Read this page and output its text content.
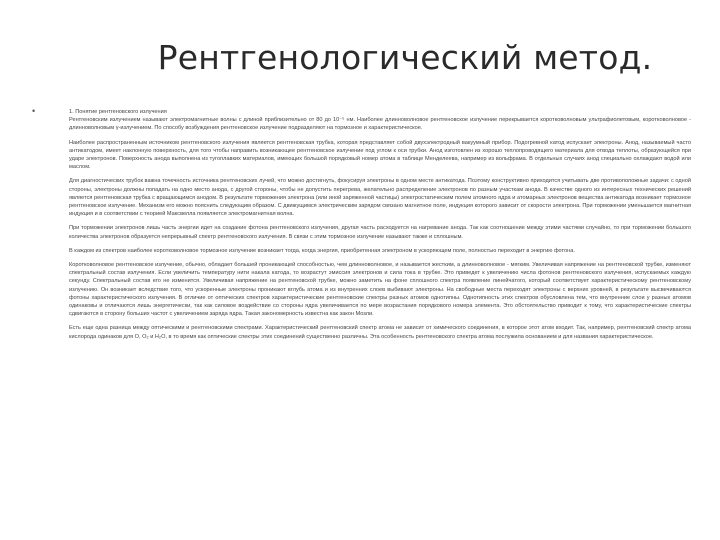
Рентгенологический метод.
•	1. Понятие рентгеновского излучения

Рентгеновским излучением называют электромагнитные волны с длиной приблизительно от 80 до 10⁻⁵ нм. Наиболее длинноволновое рентгеновское излучение перекрывается коротковолновым ультрафиолетовым, коротковолновое - длинноволновым γ-излучением. По способу возбуждения рентгеновское излучение подразделяют на тормозное и характеристическое.

Наиболее распространенным источником рентгеновского излучения является рентгеновская трубка, которая представляет собой двухэлектродный вакуумный прибор. Подогревной катод испускает электроны. Анод, называемый часто антикатодом, имеет наклонную поверхность, для того чтобы направить возникающее рентгеновское излучение под углом к оси трубки. Анод изготовлен из хорошо теплопроводящего материала для отвода теплоты, образующейся при ударе электронов. Поверхность анода выполнена из тугоплавких материалов, имеющих большой порядковый номер атома в таблице Менделеева, например из вольфрама. В отдельных случаях анод специально охлаждают водой или маслом.

Для диагностических трубок важна точечность источника рентгеновских лучей, что можно достигнуть, фокусируя электроны в одном месте антикатода. Поэтому конструктивно приходится учитывать две противоположные задачи: с одной стороны, электроны должны попадать на одно место анода, с другой стороны, чтобы не допустить перегрева, желательно распределение электронов по разным участкам анода. В качестве одного из интересных технических решений является рентгеновская трубка с вращающимся анодом. В результате торможения электрона (или иной заряженной частицы) электростатическим полем атомного ядра и атомарных электронов вещества антикатода возникает тормозное рентгеновское излучение. Механизм его можно пояснить следующим образом. С движущимся электрическим зарядом связано магнитное поле, индукция которого зависит от скорости электрона. При торможении уменьшается магнитная индукция и в соответствии с теорией Максвелла появляется электромагнитная волна.

При торможении электронов лишь часть энергии идет на создание фотона рентгеновского излучения, другая часть расходуется на нагревание анода. Так как соотношение между этими частями случайно, то при торможении большого количества электронов образуется непрерывный спектр рентгеновского излучения. В связи с этим тормозное излучение называют также и сплошным.

В каждом из спектров наиболее коротковолновое тормозное излучение возникает тогда, когда энергия, приобретенная электроном в ускоряющем поле, полностью переходит в энергию фотона.

Коротковолновое рентгеновское излучение, обычно, обладает большей проникающей способностью, чем длинноволновое, и называется жестким, а длинноволновое - мягким. Увеличивая напряжение на рентгеновской трубке, изменяют спектральный состав излучения. Если увеличить температуру нити накала катода, то возрастут эмиссия электронов и сила тока в трубке. Это приведет к увеличению числа фотонов рентгеновского излучения, испускаемых каждую секунду. Спектральный состав его не изменится. Увеличивая напряжение на рентгеновской трубке, можно заметить на фоне сплошного спектра появление линейчатого, который соответствует характеристическому рентгеновскому излучению. Он возникает вследствие того, что ускоренные электроны проникают вглубь атома и из внутренних слоев выбивают электроны. На свободные места переходят электроны с верхних уровней, в результате высвечиваются фотоны характеристического излучения. В отличие от оптических спектров характеристические рентгеновские спектры разных атомов однотипны. Однотипность этих спектров обусловлена тем, что внутренние слои у разных атомов одинаковы и отличаются лишь энергетически, так как силовое воздействие со стороны ядра увеличивается по мере возрастания порядкового номера элемента. Это обстоятельство приводит к тому, что характеристические спектры сдвигаются в сторону больших частот с увеличением заряда ядра. Такая закономерность известна как закон Мозли.

Есть еще одна разница между оптическими и рентгеновскими спектрами. Характеристический рентгеновский спектр атома не зависит от химического соединения, в которое этот атом входит. Так, например, рентгеновский спектр атома кислорода одинаков для O, O₂ и H₂O, в то время как оптические спектры этих соединений существенно различны. Эта особенность рентгеновского спектра атома послужила основанием и для названия характеристическое.
